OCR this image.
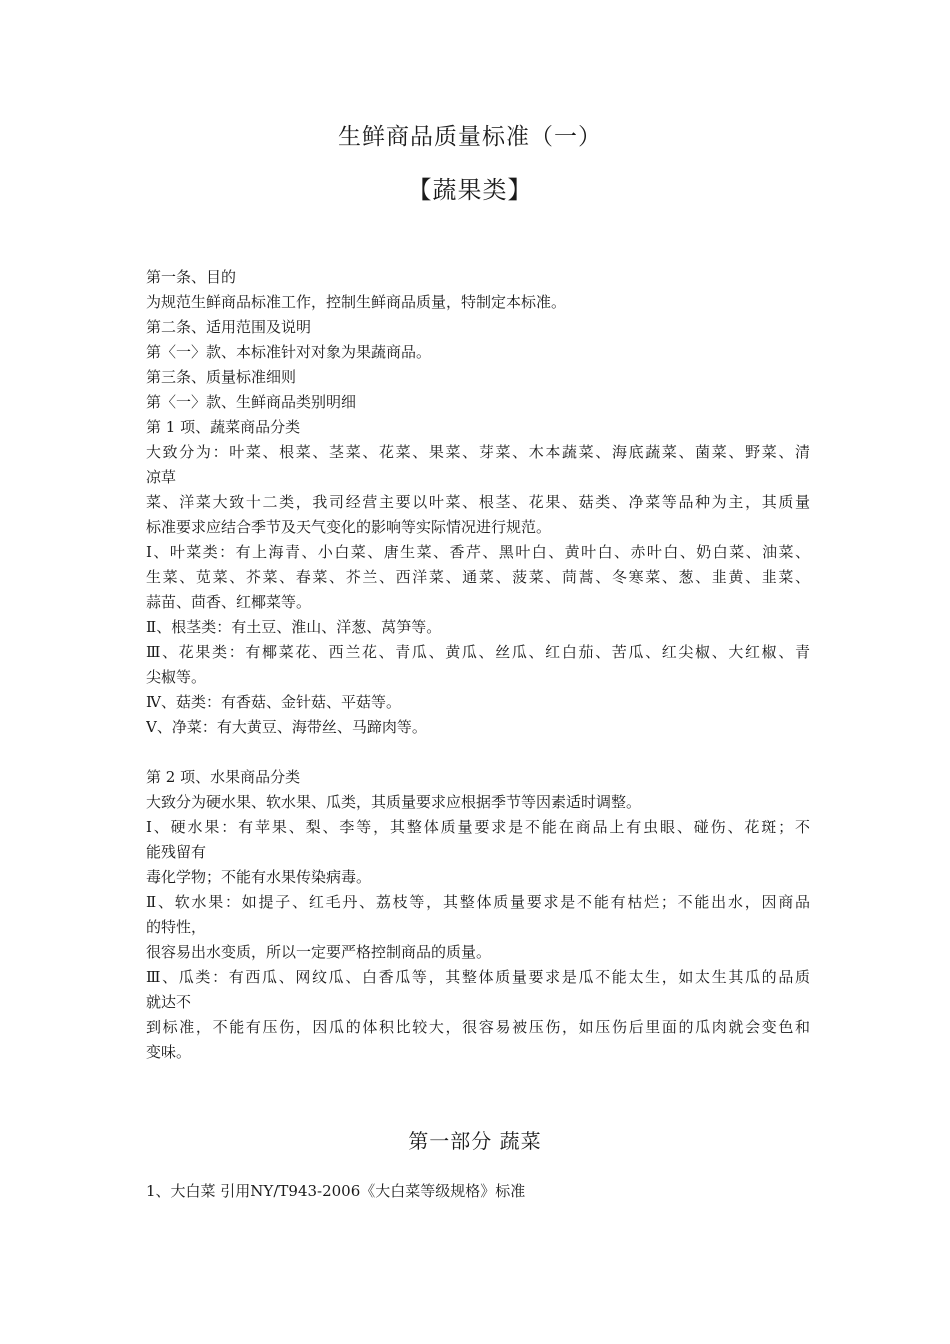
生鲜商品质量标准（一）
【蔬果类】
第一条、目的
为规范生鲜商品标准工作，控制生鲜商品质量，特制定本标准。
第二条、适用范围及说明
第〈一〉款、本标准针对对象为果蔬商品。
第三条、质量标准细则
第〈一〉款、生鲜商品类别明细
第 1 项、蔬菜商品分类
大致分为：叶菜、根菜、茎菜、花菜、果菜、芽菜、木本蔬菜、海底蔬菜、菌菜、野菜、清
凉草
菜、洋菜大致十二类，我司经营主要以叶菜、根茎、花果、菇类、净菜等品种为主，其质量
标准要求应结合季节及天气变化的影响等实际情况进行规范。
Ⅰ、叶菜类：有上海青、小白菜、唐生菜、香芹、黑叶白、黄叶白、赤叶白、奶白菜、油菜、
生菜、苋菜、芥菜、春菜、芥兰、西洋菜、通菜、菠菜、茼蒿、冬寒菜、葱、韭黄、韭菜、
蒜苗、茴香、红椰菜等。
Ⅱ、根茎类：有土豆、淮山、洋葱、莴笋等。
Ⅲ、花果类：有椰菜花、西兰花、青瓜、黄瓜、丝瓜、红白茄、苦瓜、红尖椒、大红椒、青
尖椒等。
Ⅳ、菇类：有香菇、金针菇、平菇等。
Ⅴ、净菜：有大黄豆、海带丝、马蹄肉等。
第 2 项、水果商品分类
大致分为硬水果、软水果、瓜类，其质量要求应根据季节等因素适时调整。
Ⅰ、硬水果：有苹果、梨、李等，其整体质量要求是不能在商品上有虫眼、碰伤、花斑；不
能残留有
毒化学物；不能有水果传染病毒。
Ⅱ、软水果：如提子、红毛丹、荔枝等，其整体质量要求是不能有枯烂；不能出水，因商品
的特性，
很容易出水变质，所以一定要严格控制商品的质量。
Ⅲ、瓜类：有西瓜、网纹瓜、白香瓜等，其整体质量要求是瓜不能太生，如太生其瓜的品质
就达不
到标准，不能有压伤，因瓜的体积比较大，很容易被压伤，如压伤后里面的瓜肉就会变色和
变味。
第一部分 蔬菜
1、大白菜 引用NY/T943-2006《大白菜等级规格》标准
